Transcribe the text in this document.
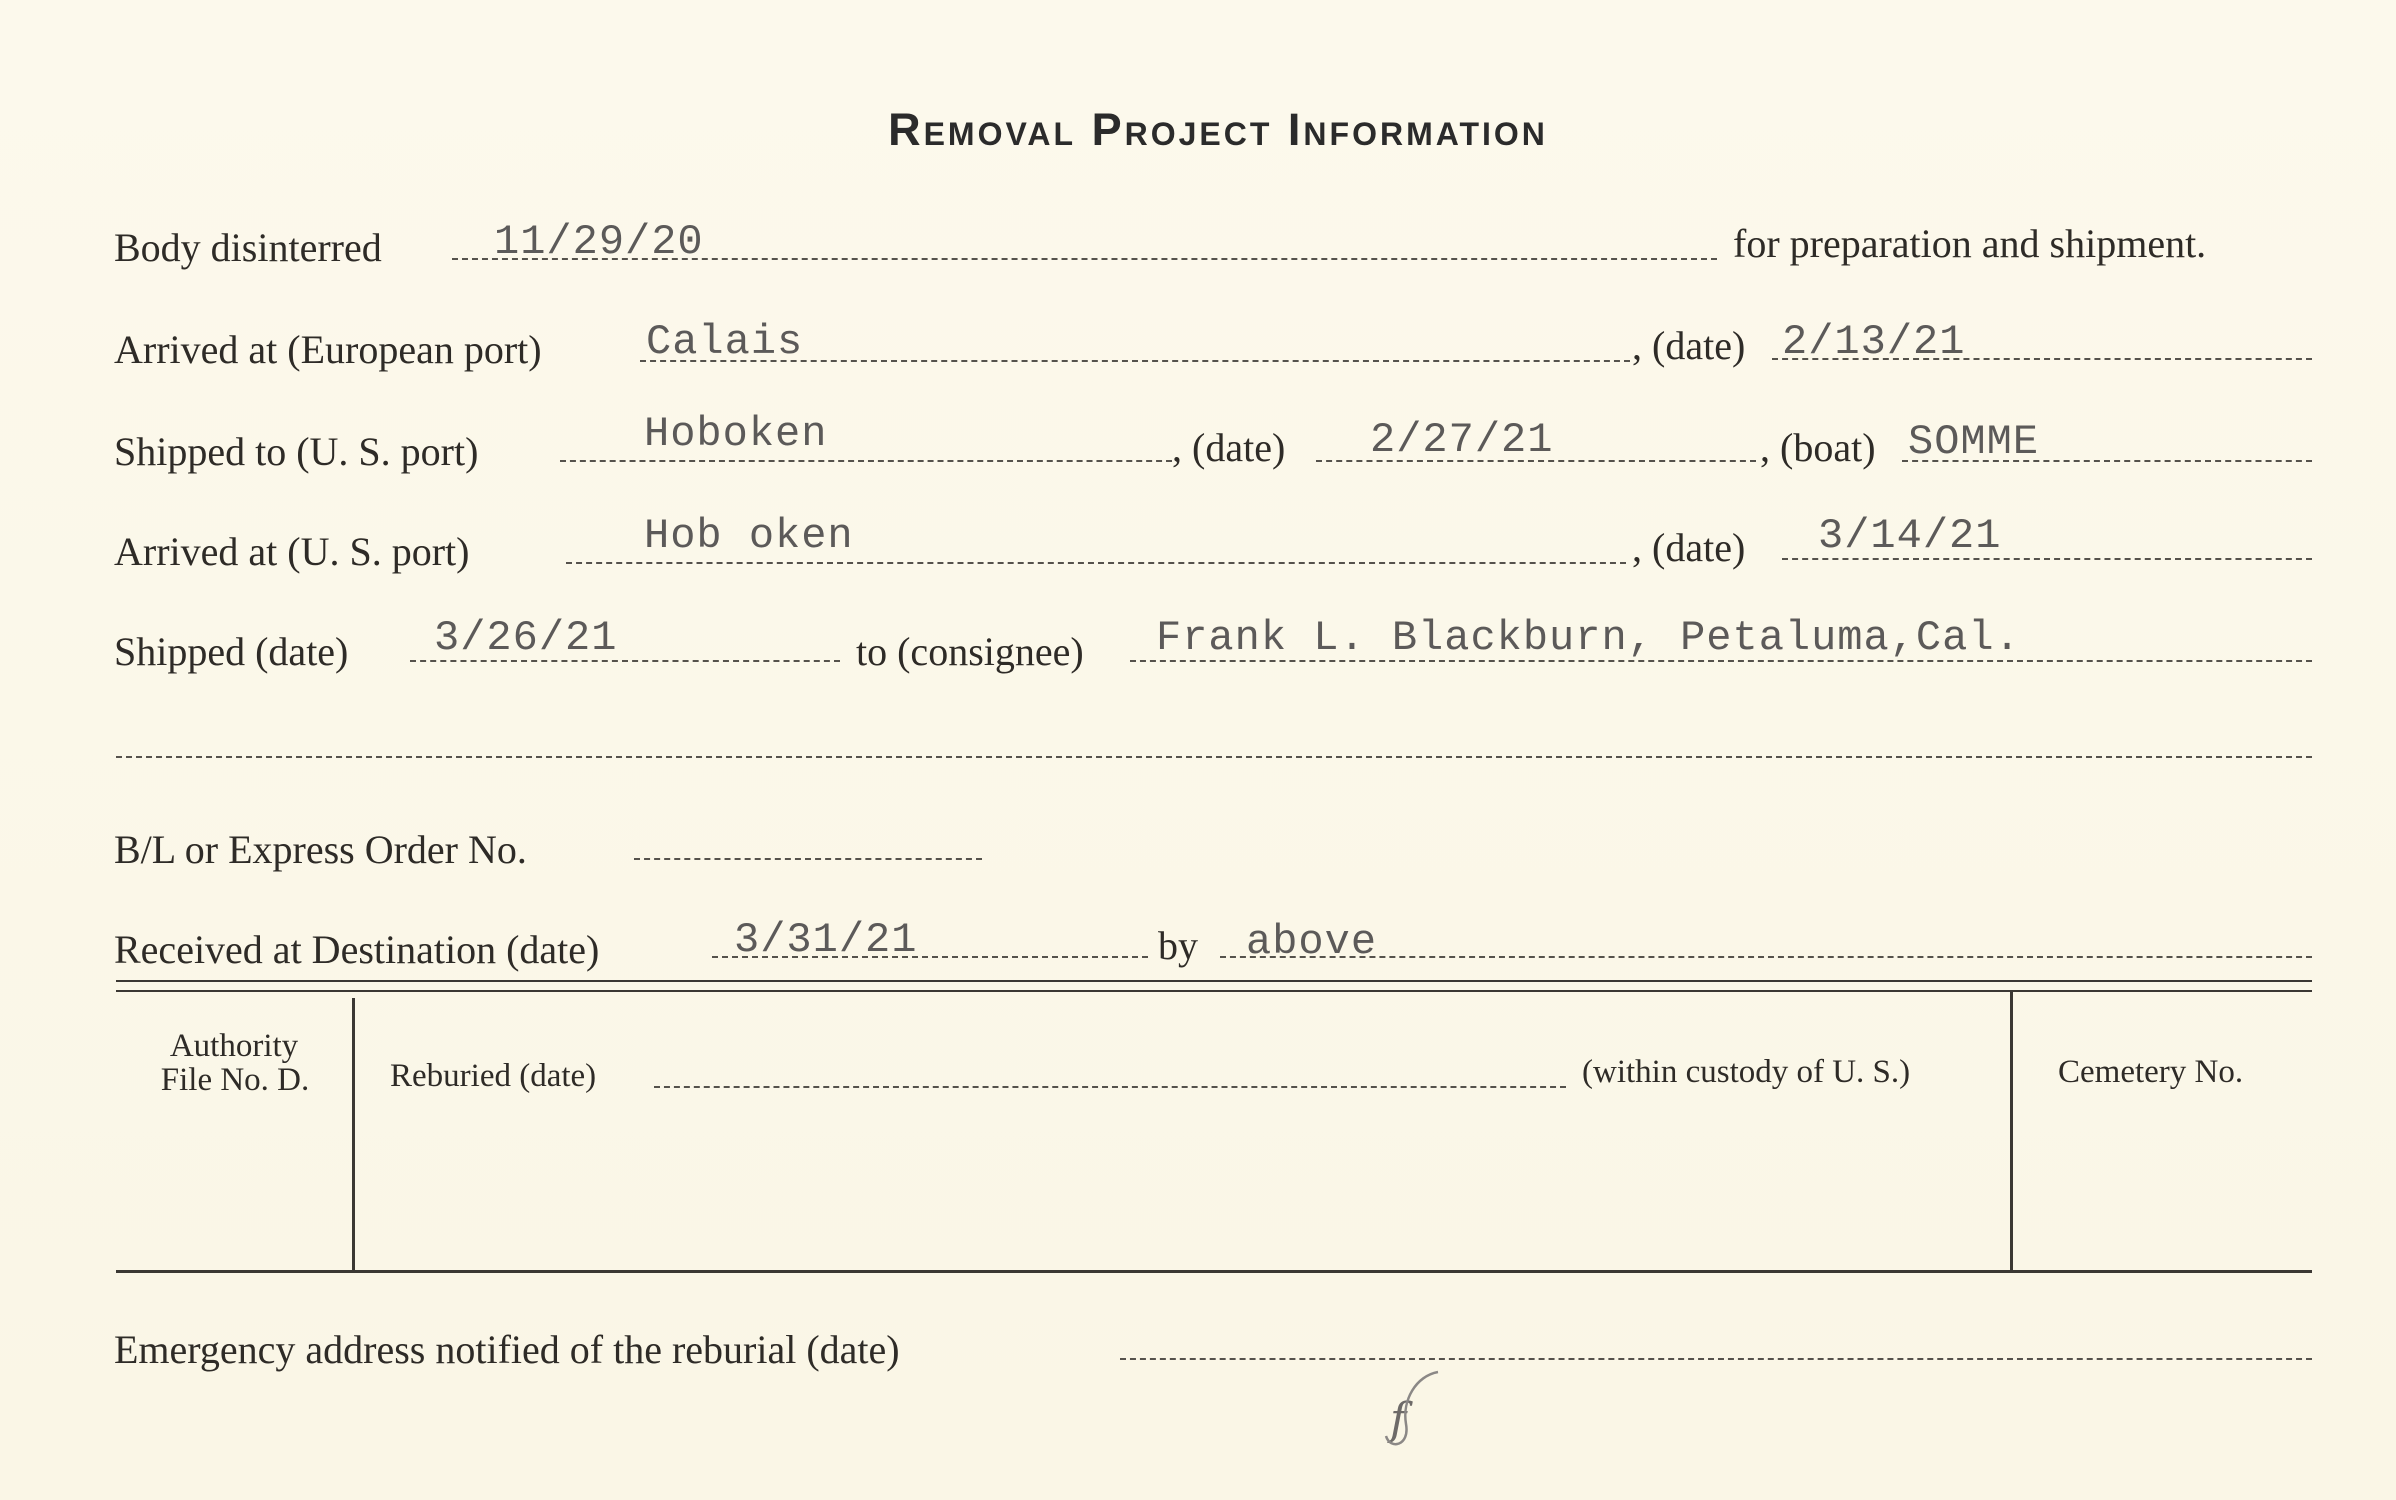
Removal Project Information
Body disinterred	11/29/20	for preparation and shipment.
Arrived at (European port) Calais	, (date) 2/13/21
Shipped to (U. S. port)	Hoboken	, (date) 2/27/21	, (boat) SOMME
Arrived at (U. S. port)	Hob oken	, (date) 3/14/21
Shipped (date) 3/26/21	to (consignee) Frank L. Blackburn, Petaluma,Cal.
B/L or Express Order No.
Received at Destination (date)	3/31/21	by above
Authority
File No. D.	Reburied (date)	(within custody of U. S.)	Cemetery No.
Emergency address notified of the reburial (date)
f
